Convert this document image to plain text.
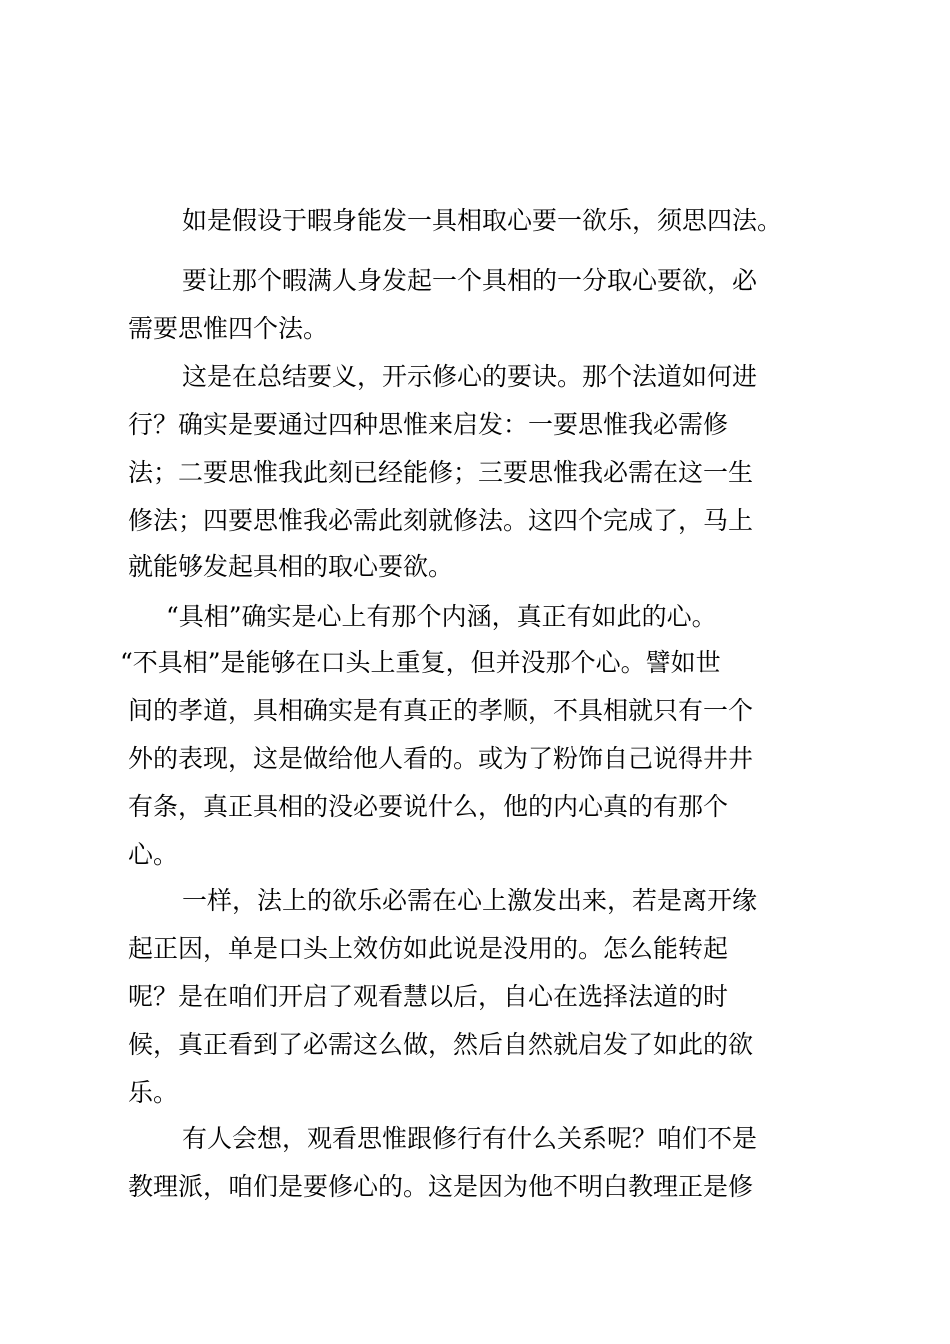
如是假设于暇身能发一具相取心要一欲乐，须思四法。
要让那个暇满人身发起一个具相的一分取心要欲，必
需要思惟四个法。
这是在总结要义，开示修心的要诀。那个法道如何进
行？确实是要通过四种思惟来启发：一要思惟我必需修
法；二要思惟我此刻已经能修；三要思惟我必需在这一生
修法；四要思惟我必需此刻就修法。这四个完成了，马上
就能够发起具相的取心要欲。
“具相”确实是心上有那个内涵，真正有如此的心。
“不具相”是能够在口头上重复，但并没那个心。譬如世
间的孝道，具相确实是有真正的孝顺，不具相就只有一个
外的表现，这是做给他人看的。或为了粉饰自己说得井井
有条，真正具相的没必要说什么，他的内心真的有那个
心。
一样，法上的欲乐必需在心上激发出来，若是离开缘
起正因，单是口头上效仿如此说是没用的。怎么能转起
呢？是在咱们开启了观看慧以后，自心在选择法道的时
候，真正看到了必需这么做，然后自然就启发了如此的欲
乐。
有人会想，观看思惟跟修行有什么关系呢？咱们不是
教理派，咱们是要修心的。这是因为他不明白教理正是修
